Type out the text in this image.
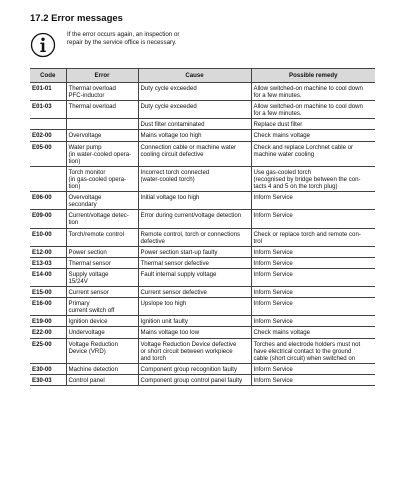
17.2 Error messages
If the error occurs again, an inspection or
repair by the service office is necessary.
Code	Error	Cause	Possible remedy
E01-01	Thermal overload
PFC-inductor	Duty cycle exceeded	Allow switched-on machine to cool down
for a few minutes.

E01-03	Thermal overload	Duty cycle exceeded	Allow switched-on machine to cool down
for a few minutes.

		Dust filter contaminated	Replace dust filter

E02-00	Overvoltage	Mains voltage too high	Check mains voltage

E05-00	Water pump
(in water-cooled opera-
tion)	Connection cable or machine water
cooling circuit defective	Check and replace Lorchnet cable or
machine water cooling

	Torch monitor
(in gas-cooled opera-
tion)	Incorrect torch connected
(water-cooled torch)	Use gas-cooled torch
(recognised by bridge between the con-
tacts 4 and 5 on the torch plug)

E06-00	Overvoltage
secondary	Initial voltage too high	Inform Service

E09-00	Current/voltage detec-
tion	Error during current/voltage detection	Inform Service

E10-00	Torch/remote control	Remote control, torch or connections
defective	Check or replace torch and remote con-
trol

E12-00	Power section	Power section start-up faulty	Inform Service

E13-03	Thermal sensor	Thermal sensor defective	Inform Service

E14-00	Supply voltage
15/24V	Fault internal supply voltage	Inform Service

E15-00	Current sensor	Current sensor defective	Inform Service

E16-00	Primary
current switch off	Upslope too high	Inform Service

E19-00	Ignition device	Ignition unit faulty	Inform Service

E22-00	Undervoltage	Mains voltage too low	Check mains voltage

E25-00	Voltage Reduction
Device (VRD)	Voltage Reduction Device defective
or short circuit between workpiece
and torch	Torches and electrode holders must not
have electrical contact to the ground
cable (short circuit) when switched on

E30-00	Machine detection	Component group recognition faulty	Inform Service

E30-03	Control panel	Component group control panel faulty	Inform Service
